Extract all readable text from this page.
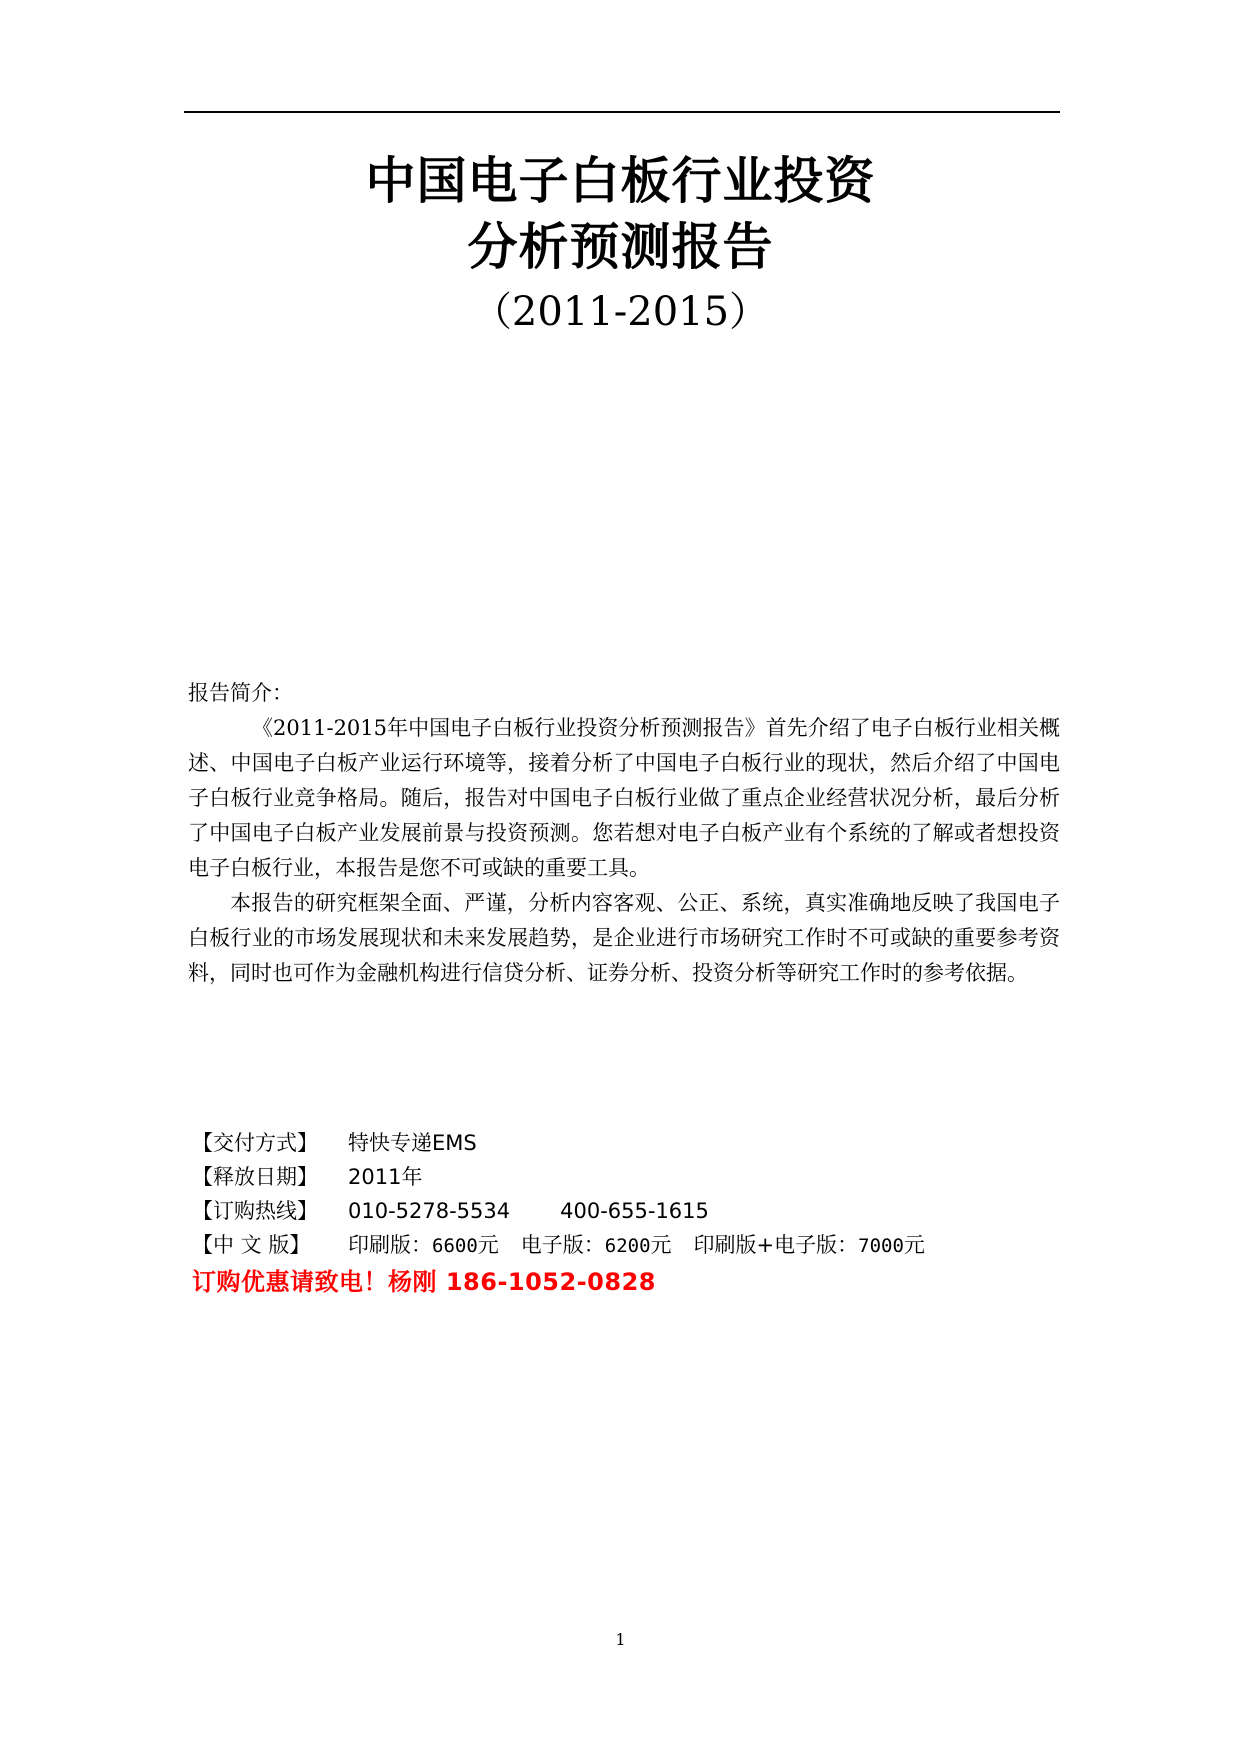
中国电子白板行业投资
分析预测报告
（2011-2015）

报告简介：

《2011-2015年中国电子白板行业投资分析预测报告》首先介绍了电子白板行业相关概述、中国电子白板产业运行环境等，接着分析了中国电子白板行业的现状，然后介绍了中国电子白板行业竞争格局。随后，报告对中国电子白板行业做了重点企业经营状况分析，最后分析了中国电子白板产业发展前景与投资预测。您若想对电子白板产业有个系统的了解或者想投资电子白板行业，本报告是您不可或缺的重要工具。

本报告的研究框架全面、严谨，分析内容客观、公正、系统，真实准确地反映了我国电子白板行业的市场发展现状和未来发展趋势，是企业进行市场研究工作时不可或缺的重要参考资料，同时也可作为金融机构进行信贷分析、证券分析、投资分析等研究工作时的参考依据。

【交付方式】 特快专递EMS
【释放日期】 2011年
【订购热线】 010-5278-5534 400-655-1615
【中 文 版】 印刷版：6600元 电子版：6200元 印刷版+电子版：7000元
订购优惠请致电！杨刚 186-1052-0828
1
